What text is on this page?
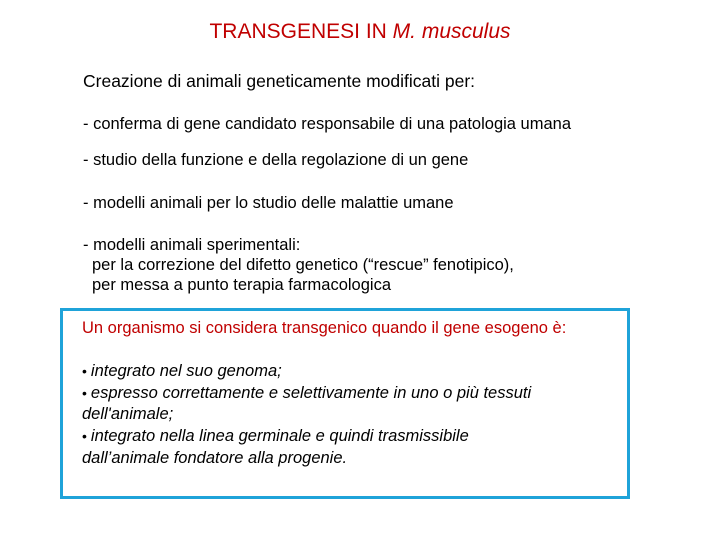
TRANSGENESI IN M. musculus
Creazione di animali geneticamente modificati per:
- conferma di gene candidato responsabile di una patologia umana
- studio della funzione e della regolazione di un gene
- modelli animali per lo studio delle malattie umane
- modelli animali sperimentali:
per la correzione del difetto genetico (“rescue” fenotipico),
per messa a punto terapia farmacologica
Un organismo si considera transgenico quando il gene esogeno è:
• integrato nel suo genoma;
• espresso correttamente e selettivamente in uno o più tessuti
dell'animale;
• integrato nella linea germinale e quindi trasmissibile
dall’animale fondatore alla progenie.
